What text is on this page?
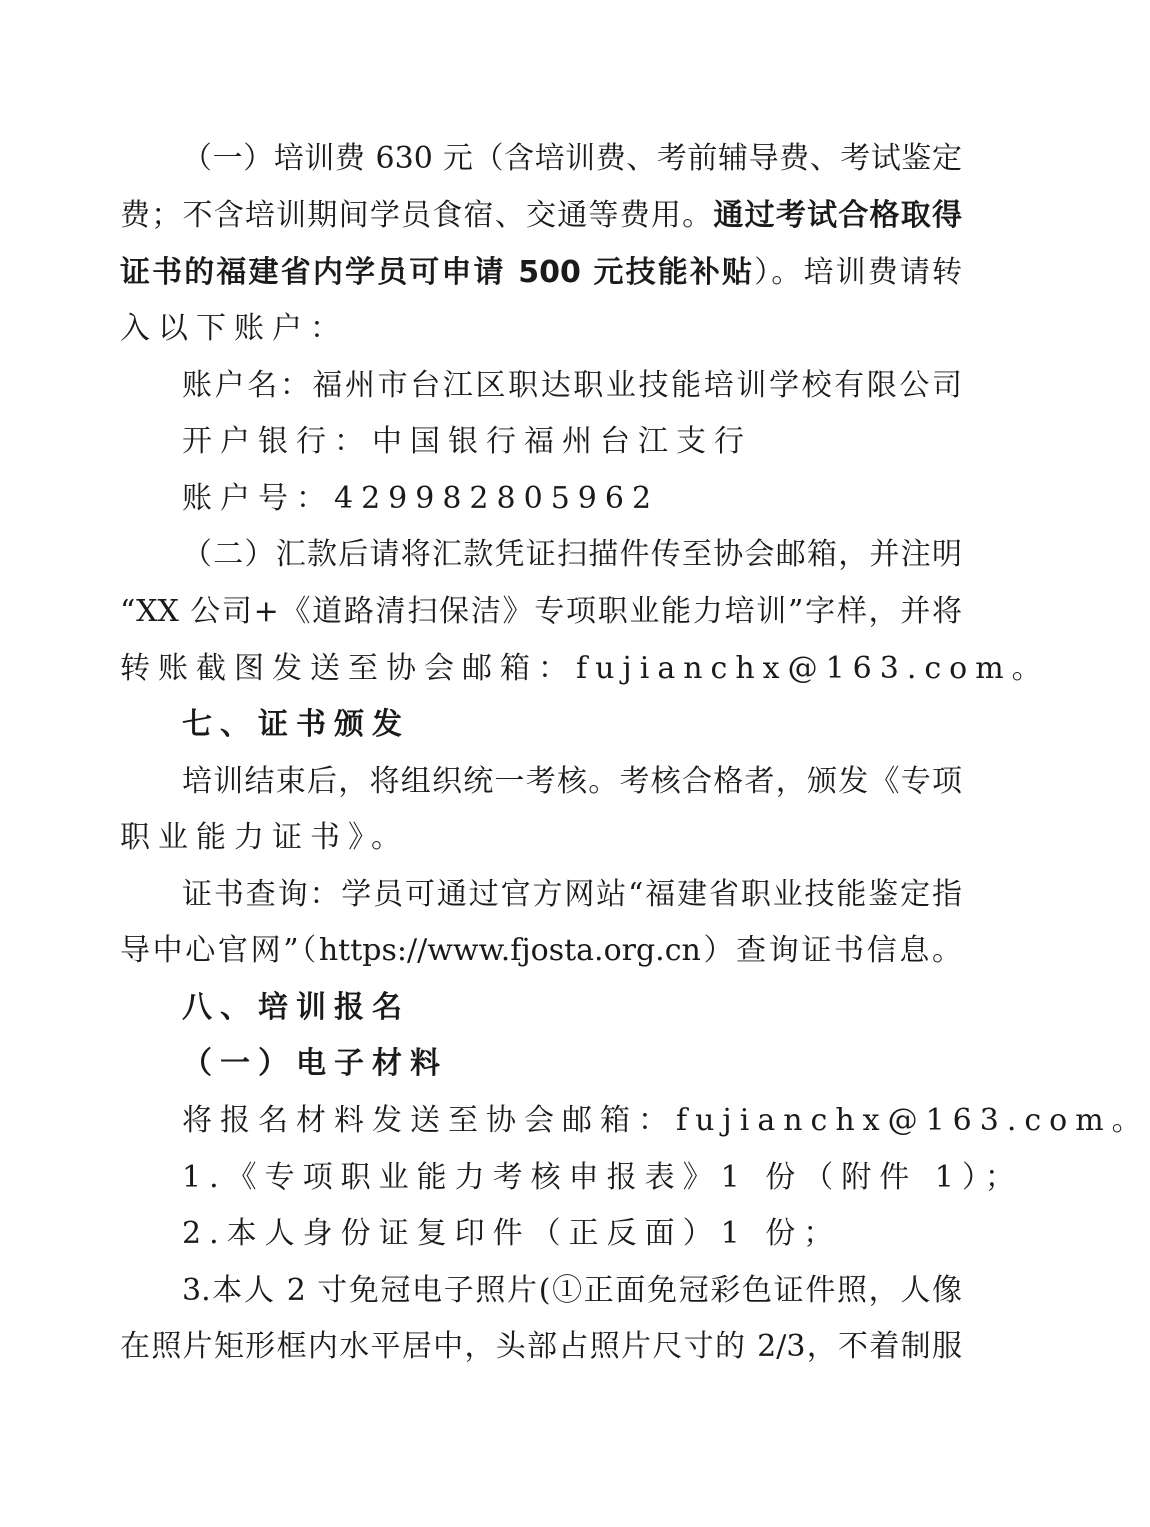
（一）培训费 630 元（含培训费、考前辅导费、考试鉴定
费；不含培训期间学员食宿、交通等费用。通过考试合格取得
证书的福建省内学员可申请 500 元技能补贴）。培训费请转
入以下账户：
账户名：福州市台江区职达职业技能培训学校有限公司
开户银行：中国银行福州台江支行
账户号：429982805962
（二）汇款后请将汇款凭证扫描件传至协会邮箱，并注明
“XX 公司+《道路清扫保洁》专项职业能力培训”字样，并将
转账截图发送至协会邮箱：fujianchx@163.com。
七、证书颁发
培训结束后，将组织统一考核。考核合格者，颁发《专项
职业能力证书》。
证书查询：学员可通过官方网站“福建省职业技能鉴定指
导中心官网”（https://www.fjosta.org.cn）查询证书信息。
八、培训报名
（一）电子材料
将报名材料发送至协会邮箱：fujianchx@163.com。
1.《专项职业能力考核申报表》1 份（附件 1）；
2.本人身份证复印件（正反面）1 份；
3.本人 2 寸免冠电子照片(①正面免冠彩色证件照，人像
在照片矩形框内水平居中，头部占照片尺寸的 2/3，不着制服
